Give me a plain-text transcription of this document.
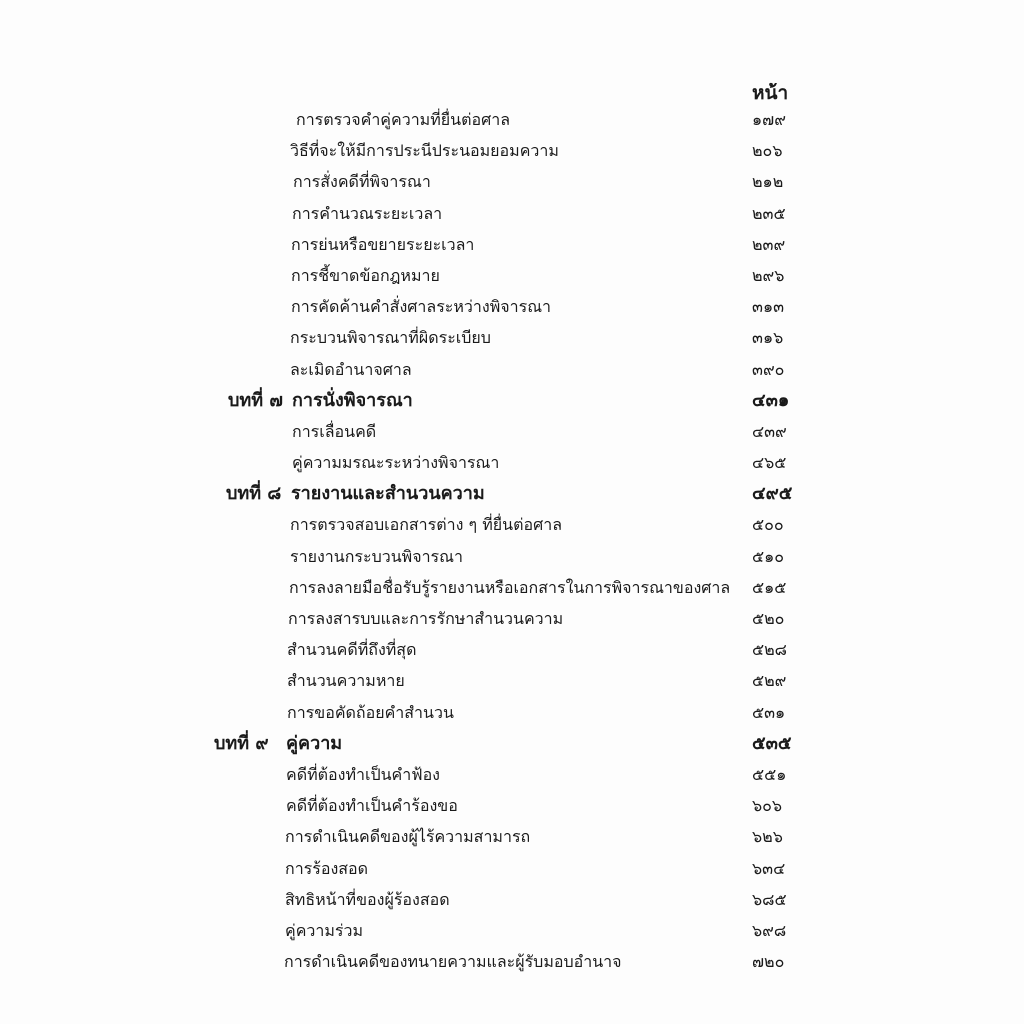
หน้า
การตรวจคำคู่ความที่ยื่นต่อศาล	๑๗๙
วิธีที่จะให้มีการประนีประนอมยอมความ	๒๐๖
การสั่งคดีที่พิจารณา	๒๑๒
การคำนวณระยะเวลา	๒๓๕
การย่นหรือขยายระยะเวลา	๒๓๙
การชี้ขาดข้อกฎหมาย	๒๙๖
การคัดค้านคำสั่งศาลระหว่างพิจารณา	๓๑๓
กระบวนพิจารณาที่ผิดระเบียบ	๓๑๖
ละเมิดอำนาจศาล	๓๙๐
บทที่ ๗ การนั่งพิจารณา	๔๓๑
การเลื่อนคดี	๔๓๙
คู่ความมรณะระหว่างพิจารณา	๔๖๕
บทที่ ๘ รายงานและสำนวนความ	๔๙๕
การตรวจสอบเอกสารต่าง ๆ ที่ยื่นต่อศาล	๕๐๐
รายงานกระบวนพิจารณา	๕๑๐
การลงลายมือชื่อรับรู้รายงานหรือเอกสารในการพิจารณาของศาล ๕๑๕
การลงสารบบและการรักษาสำนวนความ	๕๒๐
สำนวนคดีที่ถึงที่สุด	๕๒๘
สำนวนความหาย	๕๒๙
การขอคัดถ้อยคำสำนวน	๕๓๑
บทที่ ๙ คู่ความ	๕๓๕
คดีที่ต้องทำเป็นคำฟ้อง	๕๕๑
คดีที่ต้องทำเป็นคำร้องขอ	๖๐๖
การดำเนินคดีของผู้ไร้ความสามารถ	๖๒๖
การร้องสอด	๖๓๔
สิทธิหน้าที่ของผู้ร้องสอด	๖๘๕
คู่ความร่วม	๖๙๘
การดำเนินคดีของทนายความและผู้รับมอบอำนาจ	๗๒๐
